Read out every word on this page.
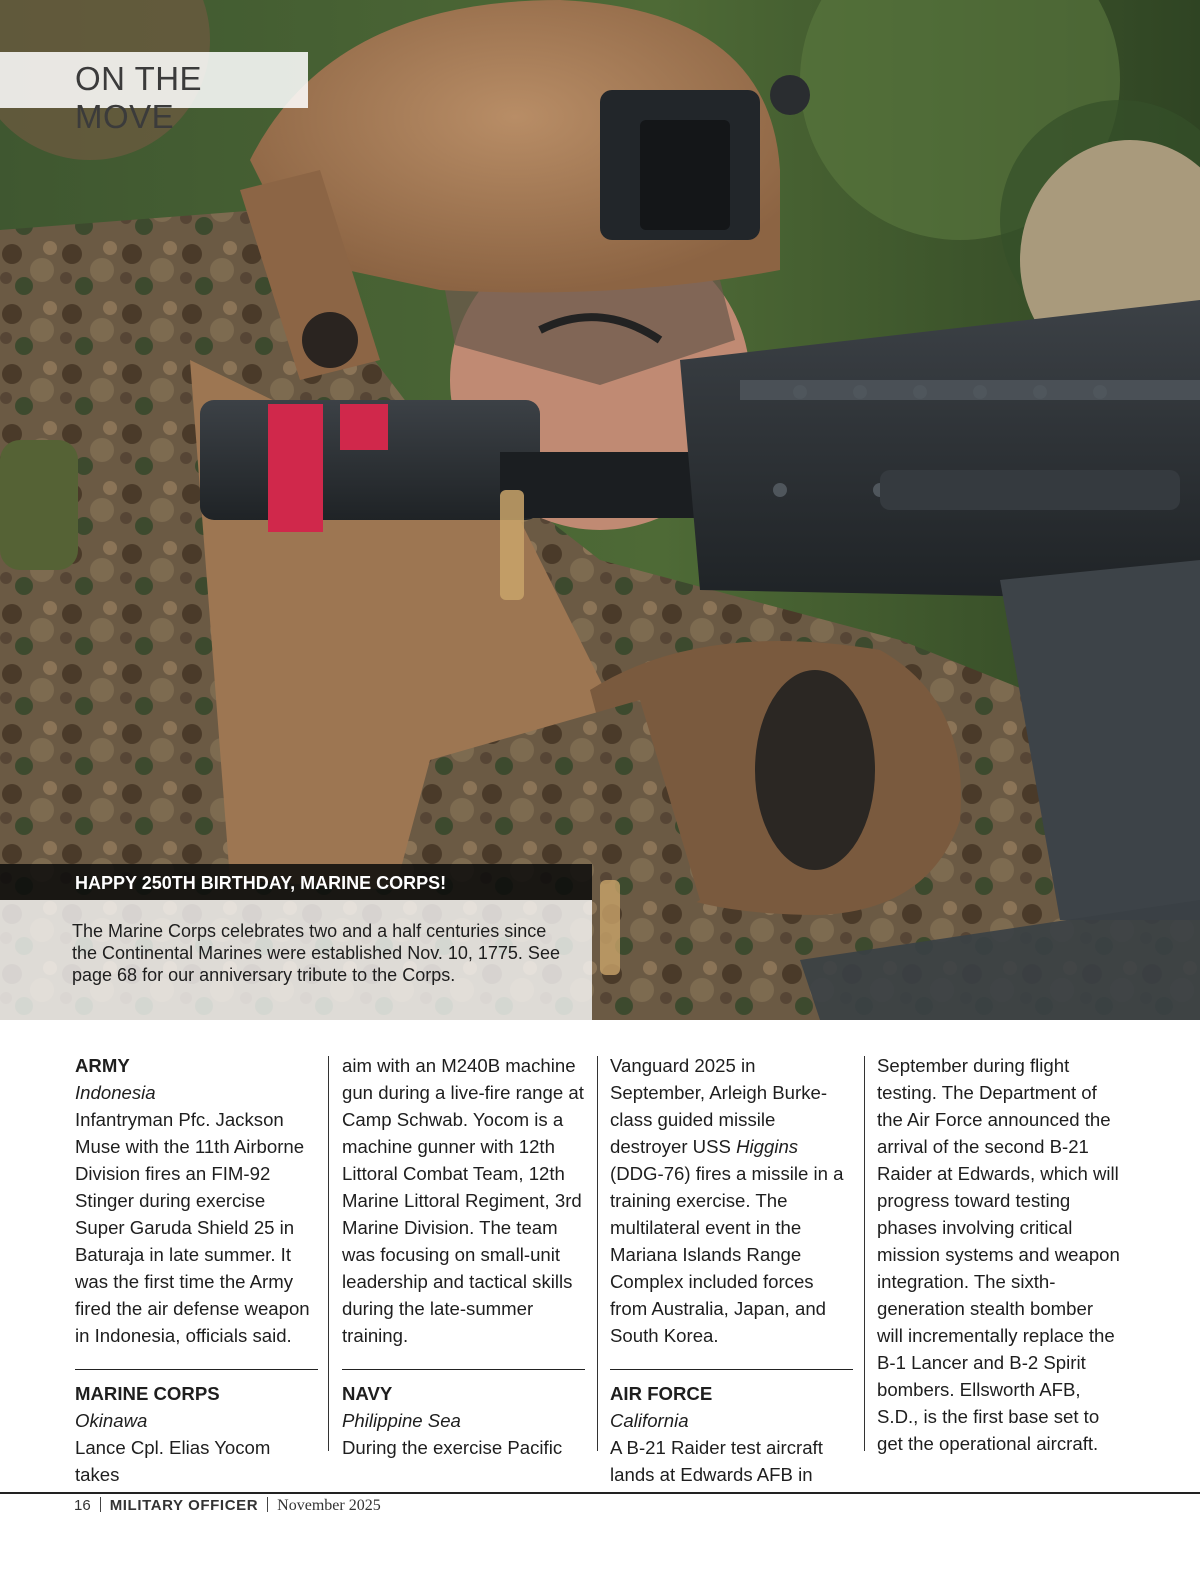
ON THE MOVE
HAPPY 250TH BIRTHDAY, MARINE CORPS!

The Marine Corps celebrates two and a half centuries since the Continental Marines were established Nov. 10, 1775. See page 68 for our anniversary tribute to the Corps.

ARMY
Indonesia

Infantryman Pfc. Jackson Muse with the 11th Airborne Division fires an FIM-92 Stinger during exercise Super Garuda Shield 25 in Baturaja in late summer. It was the first time the Army fired the air defense weapon in Indonesia, officials said.

MARINE CORPS
Okinawa

Lance Cpl. Elias Yocom takes

aim with an M240B machine gun during a live-fire range at Camp Schwab. Yocom is a machine gunner with 12th Littoral Combat Team, 12th Marine Littoral Regiment, 3rd Marine Division. The team was focusing on small-unit leadership and tactical skills during the late-summer training.

NAVY
Philippine Sea

During the exercise Pacific

Vanguard 2025 in September, Arleigh Burke-class guided missile destroyer USS Higgins (DDG-76) fires a missile in a training exercise. The multilateral event in the Mariana Islands Range Complex included forces from Australia, Japan, and South Korea.

AIR FORCE
California

A B-21 Raider test aircraft lands at Edwards AFB in

September during flight testing. The Department of the Air Force announced the arrival of the second B-21 Raider at Edwards, which will progress toward testing phases involving critical mission systems and weapon integration. The sixth-generation stealth bomber will incrementally replace the B-1 Lancer and B-2 Spirit bombers. Ellsworth AFB, S.D., is the first base set to get the operational aircraft.

16 MILITARY OFFICER November 2025
